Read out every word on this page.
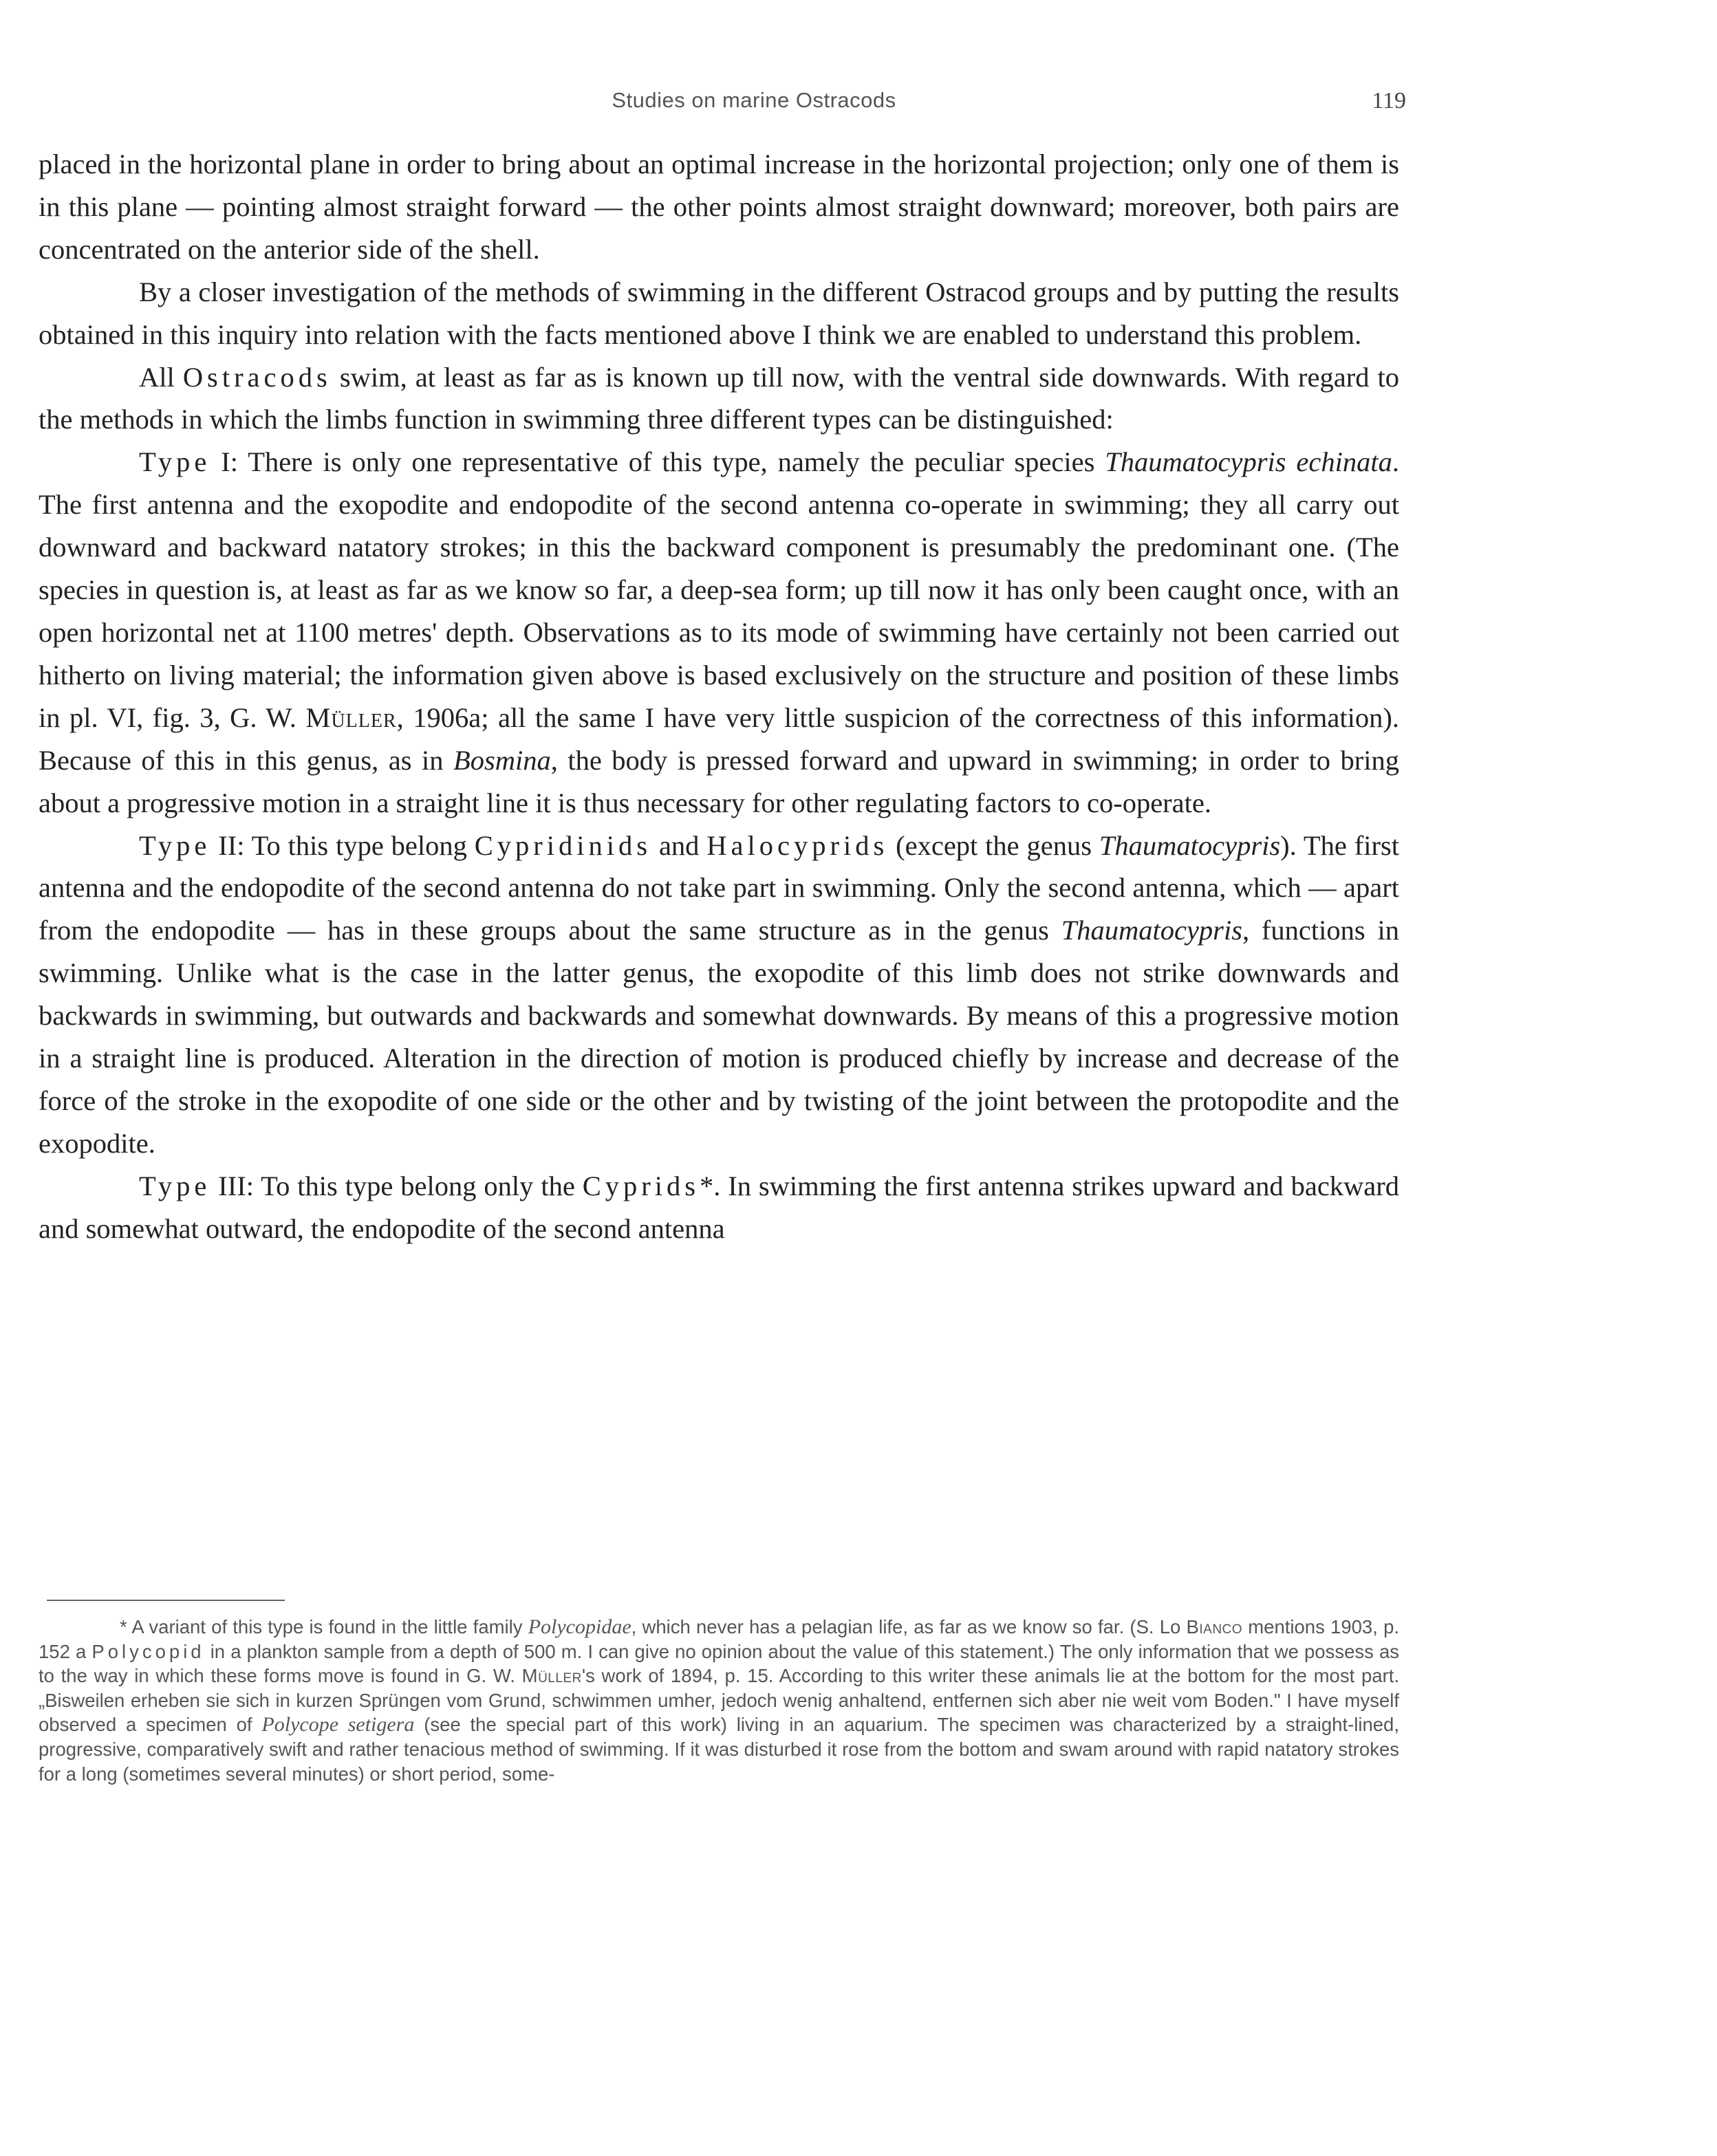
Studies on marine Ostracods	119

placed in the horizontal plane in order to bring about an optimal increase in the horizontal projection; only one of them is in this plane — pointing almost straight forward — the other points almost straight downward; moreover, both pairs are concentrated on the anterior side of the shell.

By a closer investigation of the methods of swimming in the different Ostracod groups and by putting the results obtained in this inquiry into relation with the facts mentioned above I think we are enabled to understand this problem.

All Ostracods swim, at least as far as is known up till now, with the ventral side downwards. With regard to the methods in which the limbs function in swimming three different types can be distinguished:

Type I: There is only one representative of this type, namely the peculiar species Thaumatocypris echinata. The first antenna and the exopodite and endopodite of the second antenna co-operate in swimming; they all carry out downward and backward natatory strokes; in this the backward component is presumably the predominant one. (The species in question is, at least as far as we know so far, a deep-sea form; up till now it has only been caught once, with an open horizontal net at 1100 metres' depth. Observations as to its mode of swimming have certainly not been carried out hitherto on living material; the information given above is based exclusively on the structure and position of these limbs in pl. VI, fig. 3, G. W. Müller, 1906a; all the same I have very little suspicion of the correctness of this information). Because of this in this genus, as in Bosmina, the body is pressed forward and upward in swimming; in order to bring about a progressive motion in a straight line it is thus necessary for other regulating factors to co-operate.

Type II: To this type belong Cypridinids and Halocyprids (except the genus Thaumatocypris). The first antenna and the endopodite of the second antenna do not take part in swimming. Only the second antenna, which — apart from the endopodite — has in these groups about the same structure as in the genus Thaumatocypris, functions in swimming. Unlike what is the case in the latter genus, the exopodite of this limb does not strike downwards and backwards in swimming, but outwards and backwards and somewhat downwards. By means of this a progressive motion in a straight line is produced. Alteration in the direction of motion is produced chiefly by increase and decrease of the force of the stroke in the exopodite of one side or the other and by twisting of the joint between the protopodite and the exopodite.

Type III: To this type belong only the Cyprids*. In swimming the first antenna strikes upward and backward and somewhat outward, the endopodite of the second antenna

* A variant of this type is found in the little family Polycopidae, which never has a pelagian life, as far as we know so far. (S. Lo Bianco mentions 1903, p. 152 a Polycopid in a plankton sample from a depth of 500 m. I can give no opinion about the value of this statement.) The only information that we possess as to the way in which these forms move is found in G. W. Müller's work of 1894, p. 15. According to this writer these animals lie at the bottom for the most part. „Bisweilen erheben sie sich in kurzen Sprüngen vom Grund, schwimmen umher, jedoch wenig anhaltend, entfernen sich aber nie weit vom Boden." I have myself observed a specimen of Polycope setigera (see the special part of this work) living in an aquarium. The specimen was characterized by a straight-lined, progressive, comparatively swift and rather tenacious method of swimming. If it was disturbed it rose from the bottom and swam around with rapid natatory strokes for a long (sometimes several minutes) or short period, some-
